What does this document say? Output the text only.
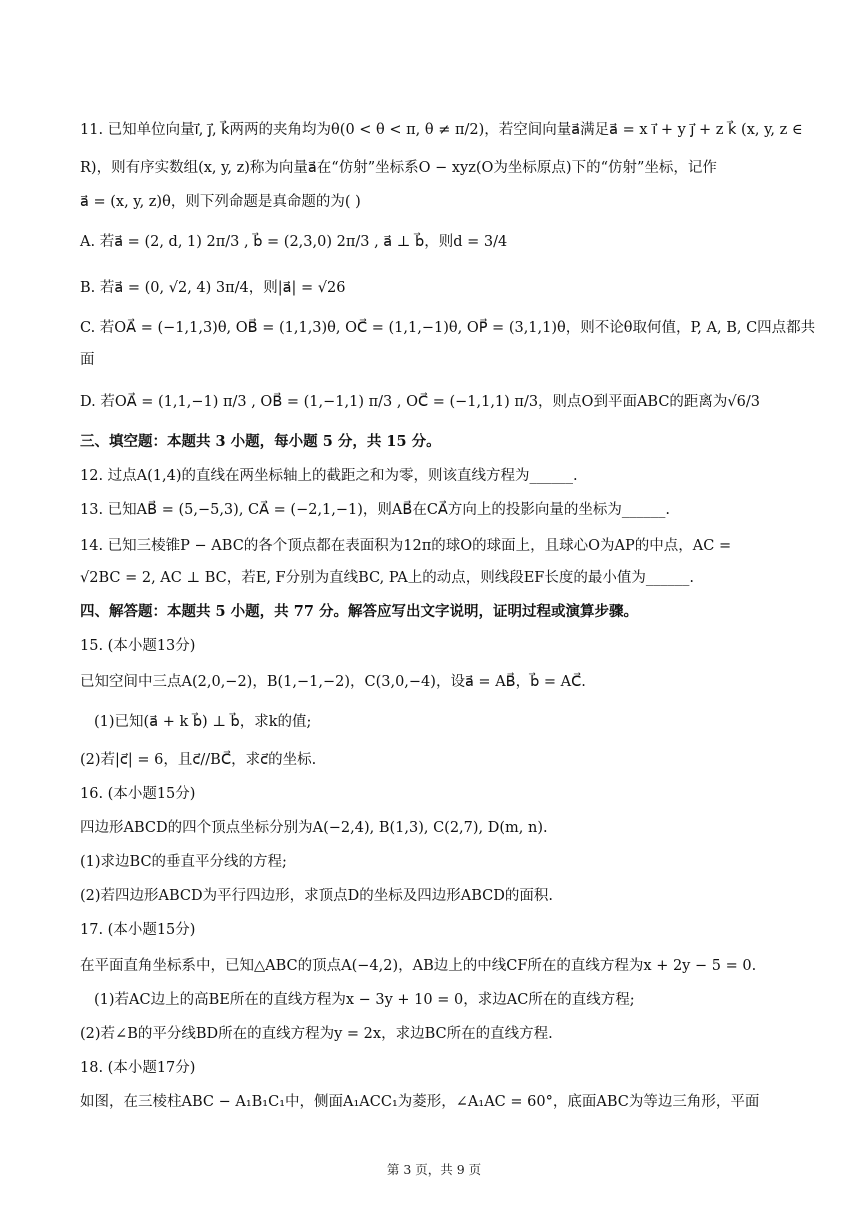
11. 已知单位向量i⃗, j⃗, k⃗两两的夹角均为θ(0 < θ < π, θ ≠ π/2)，若空间向量a⃗满足a⃗ = x i⃗ + y j⃗ + z k⃗ (x, y, z ∈
R)，则有序实数组(x, y, z)称为向量a⃗在“仿射”坐标系O − xyz(O为坐标原点)下的“仿射”坐标，记作
a⃗ = (x, y, z)θ，则下列命题是真命题的为( )
A. 若a⃗ = (2, d, 1) 2π/3 , b⃗ = (2,3,0) 2π/3 , a⃗ ⊥ b⃗，则d = 3/4
B. 若a⃗ = (0, √2, 4) 3π/4，则|a⃗| = √26
C. 若OA⃗ = (−1,1,3)θ, OB⃗ = (1,1,3)θ, OC⃗ = (1,1,−1)θ, OP⃗ = (3,1,1)θ，则不论θ取何值，P, A, B, C四点都共
面
D. 若OA⃗ = (1,1,−1) π/3 , OB⃗ = (1,−1,1) π/3 , OC⃗ = (−1,1,1) π/3，则点O到平面ABC的距离为√6/3
三、填空题：本题共 3 小题，每小题 5 分，共 15 分。
12. 过点A(1,4)的直线在两坐标轴上的截距之和为零，则该直线方程为______.
13. 已知AB⃗ = (5,−5,3), CA⃗ = (−2,1,−1)，则AB⃗在CA⃗方向上的投影向量的坐标为______.
14. 已知三棱锥P − ABC的各个顶点都在表面积为12π的球O的球面上，且球心O为AP的中点，AC =
√2BC = 2, AC ⊥ BC，若E, F分别为直线BC, PA上的动点，则线段EF长度的最小值为______.
四、解答题：本题共 5 小题，共 77 分。解答应写出文字说明，证明过程或演算步骤。
15. (本小题13分)
已知空间中三点A(2,0,−2)，B(1,−1,−2)，C(3,0,−4)，设a⃗ = AB⃗，b⃗ = AC⃗.
(1)已知(a⃗ + k b⃗) ⊥ b⃗，求k的值;
(2)若|c⃗| = 6，且c⃗//BC⃗，求c⃗的坐标.
16. (本小题15分)
四边形ABCD的四个顶点坐标分别为A(−2,4), B(1,3), C(2,7), D(m, n).
(1)求边BC的垂直平分线的方程;
(2)若四边形ABCD为平行四边形，求顶点D的坐标及四边形ABCD的面积.
17. (本小题15分)
在平面直角坐标系中，已知△ABC的顶点A(−4,2)，AB边上的中线CF所在的直线方程为x + 2y − 5 = 0.
(1)若AC边上的高BE所在的直线方程为x − 3y + 10 = 0，求边AC所在的直线方程;
(2)若∠B的平分线BD所在的直线方程为y = 2x，求边BC所在的直线方程.
18. (本小题17分)
如图，在三棱柱ABC − A₁B₁C₁中，侧面A₁ACC₁为菱形，∠A₁AC = 60°，底面ABC为等边三角形，平面
第 3 页，共 9 页
